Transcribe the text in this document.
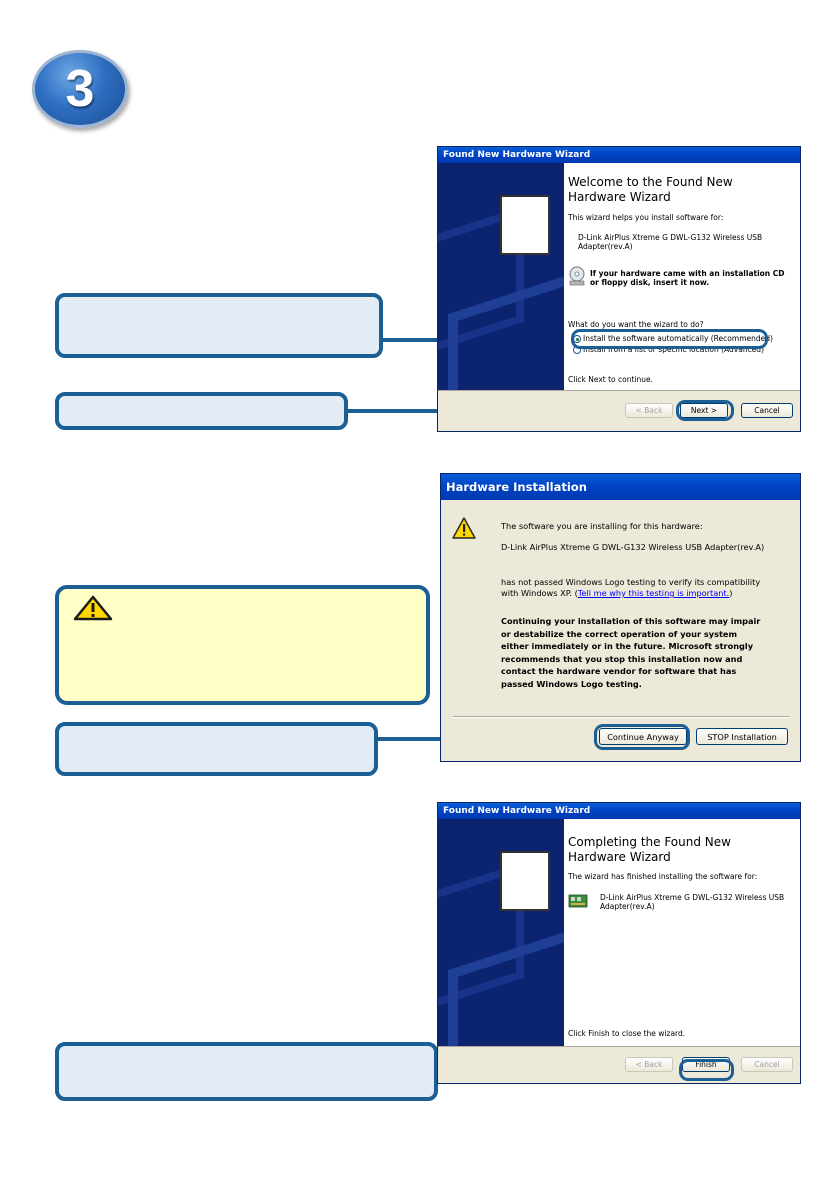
3
Found New Hardware Wizard
Welcome to the Found New
Hardware Wizard
This wizard helps you install software for:
D-Link AirPlus Xtreme G DWL-G132 Wireless USB
Adapter(rev.A)
If your hardware came with an installation CD
or floppy disk, insert it now.
What do you want the wizard to do?
Install the software automatically (Recommended)
Install from a list or specific location (Advanced)
Click Next to continue.
< Back	Next >	Cancel
Hardware Installation
The software you are installing for this hardware:
D-Link AirPlus Xtreme G DWL-G132 Wireless USB Adapter(rev.A)
has not passed Windows Logo testing to verify its compatibility
with Windows XP. (Tell me why this testing is important.)
Continuing your installation of this software may impair
or destabilize the correct operation of your system
either immediately or in the future. Microsoft strongly
recommends that you stop this installation now and
contact the hardware vendor for software that has
passed Windows Logo testing.
Continue Anyway	STOP Installation
Found New Hardware Wizard
Completing the Found New
Hardware Wizard
The wizard has finished installing the software for:
D-Link AirPlus Xtreme G DWL-G132 Wireless USB
Adapter(rev.A)
Click Finish to close the wizard.
< Back	Finish	Cancel
